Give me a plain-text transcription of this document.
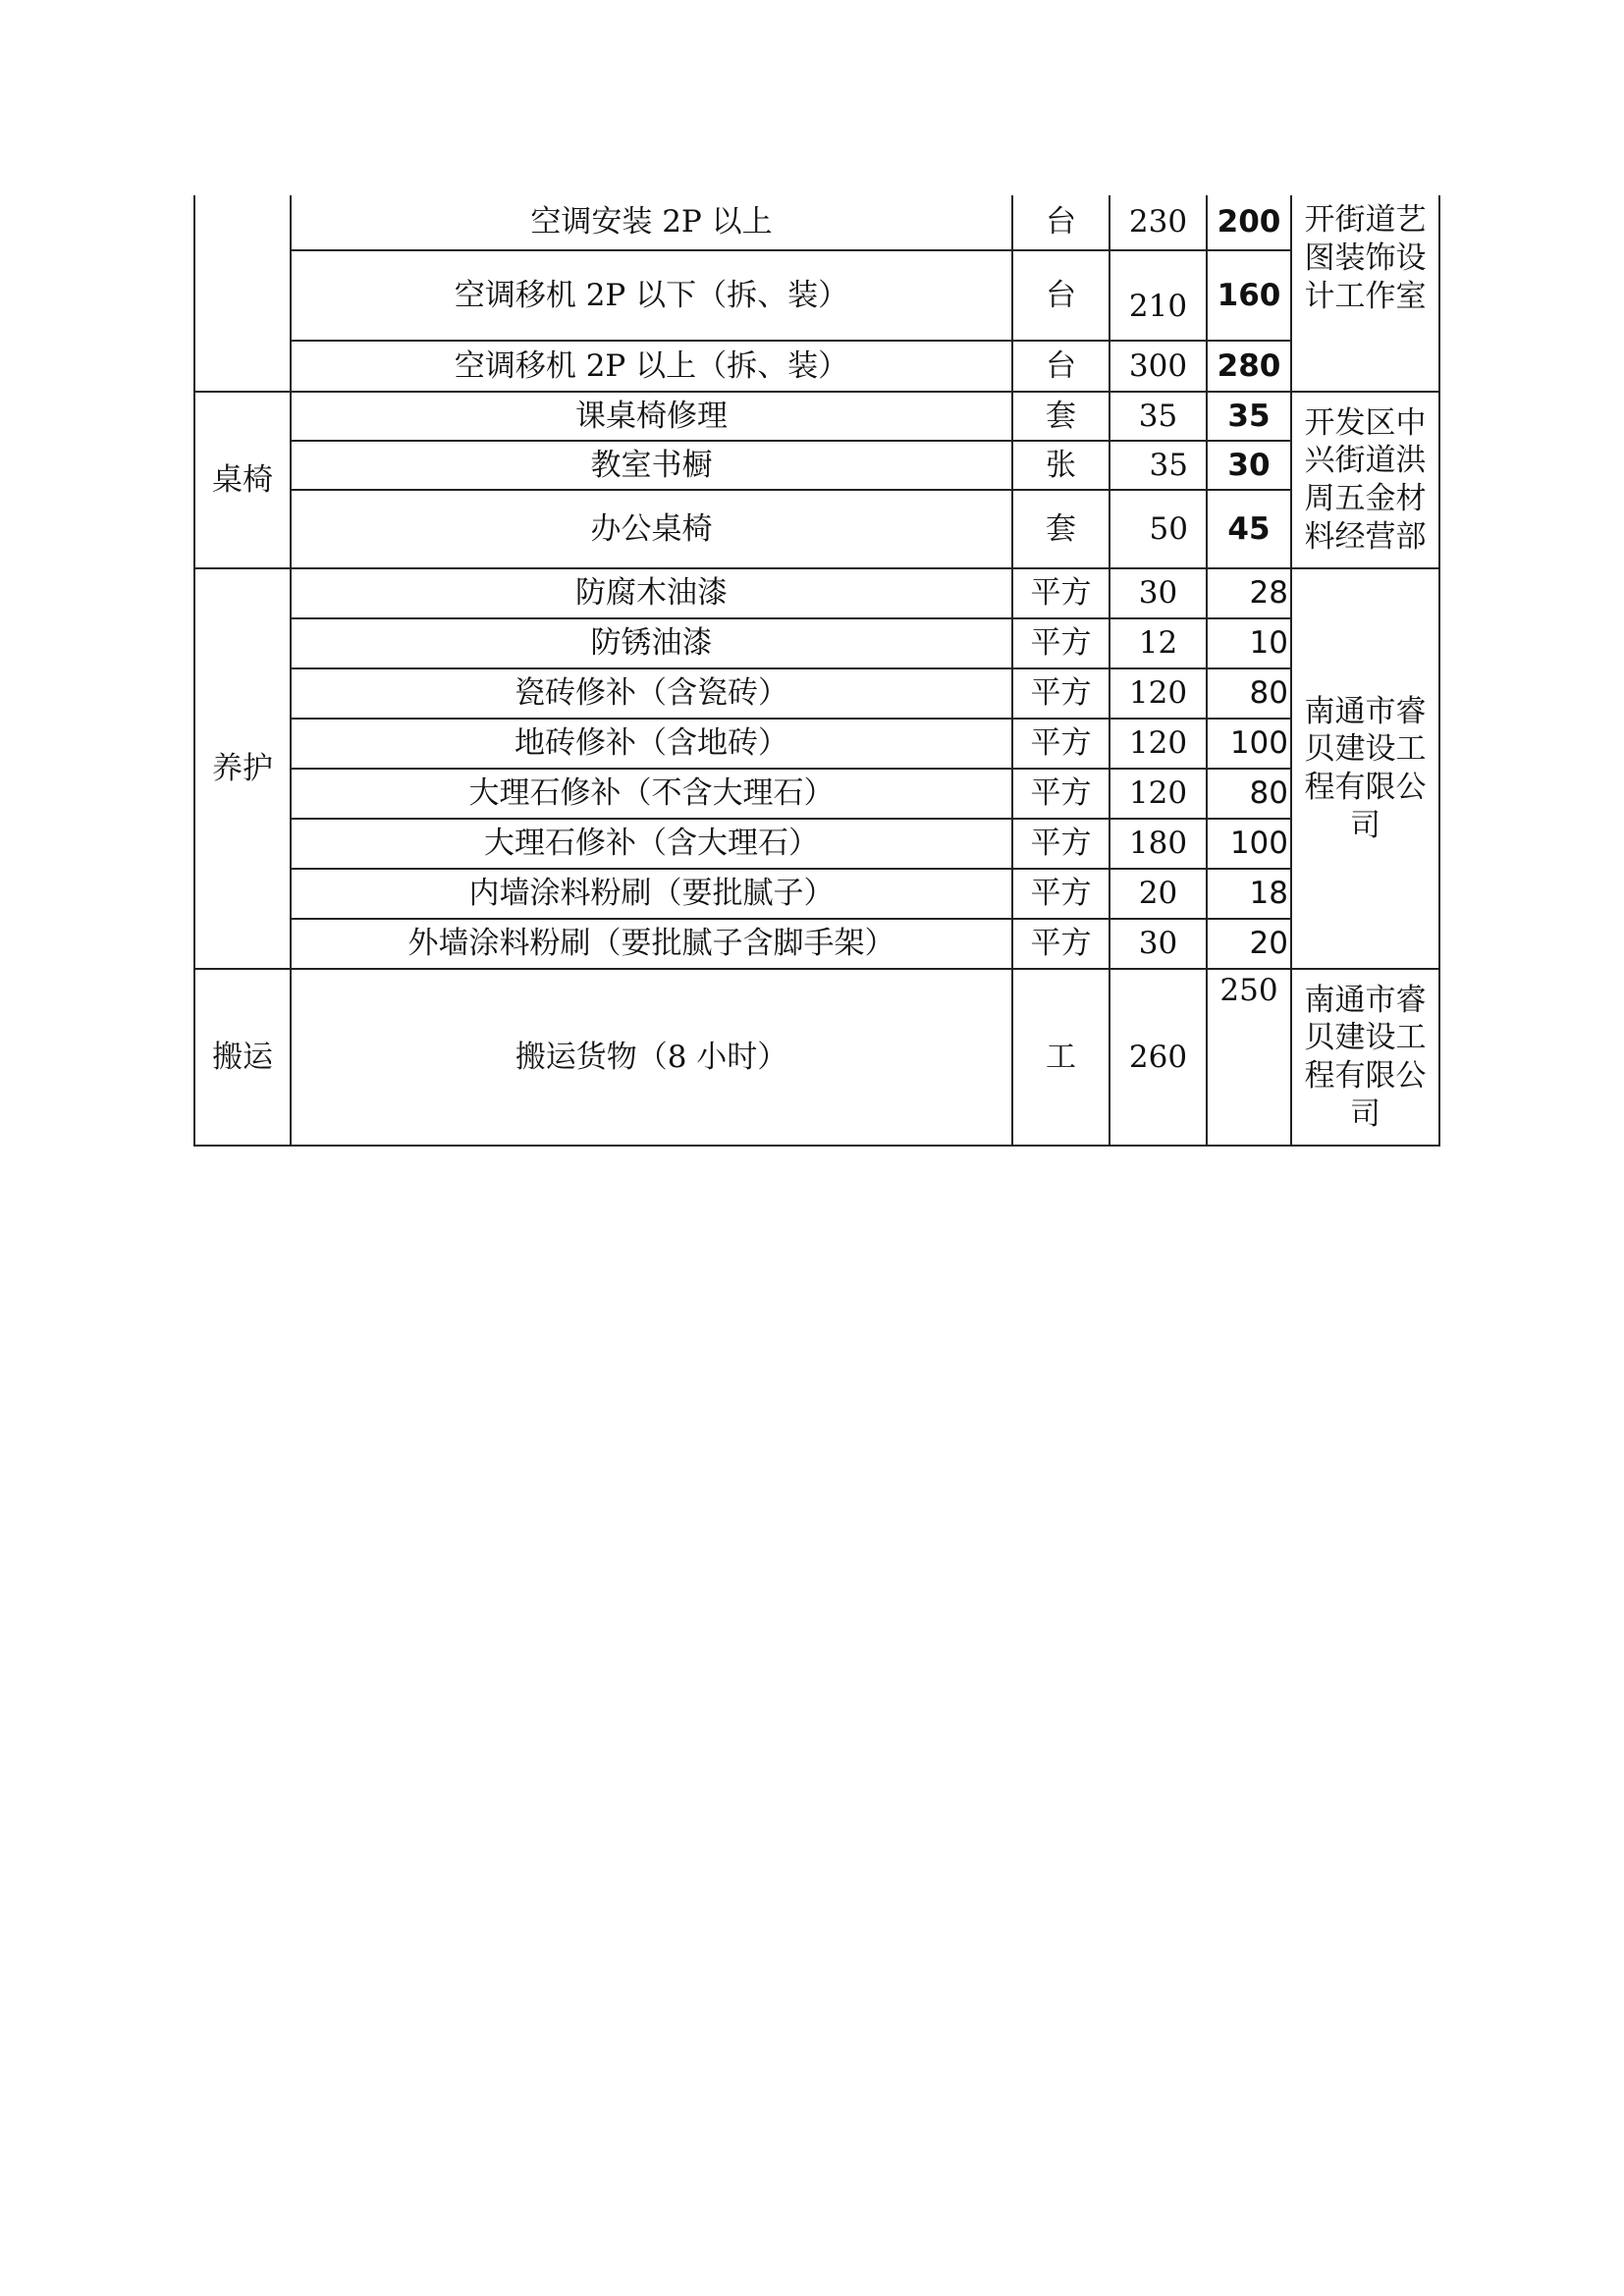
	空调安装 2P 以上	台	230	200	开街道艺图装饰设计工作室
	空调移机 2P 以下（拆、装）	台	210	160	
	空调移机 2P 以上（拆、装）	台	300	280	
桌椅	课桌椅修理	套	35	35	开发区中兴街道洪周五金材料经营部
	教室书橱	张	35	30	
	办公桌椅	套	50	45	
养护	防腐木油漆	平方	30	28	南通市睿贝建设工程有限公司
	防锈油漆	平方	12	10	
	瓷砖修补（含瓷砖）	平方	120	80	
	地砖修补（含地砖）	平方	120	100	
	大理石修补（不含大理石）	平方	120	80	
	大理石修补（含大理石）	平方	180	100	
	内墙涂料粉刷（要批腻子）	平方	20	18	
	外墙涂料粉刷（要批腻子含脚手架）	平方	30	20	
搬运	搬运货物（8 小时）	工	260	250	南通市睿贝建设工程有限公司
